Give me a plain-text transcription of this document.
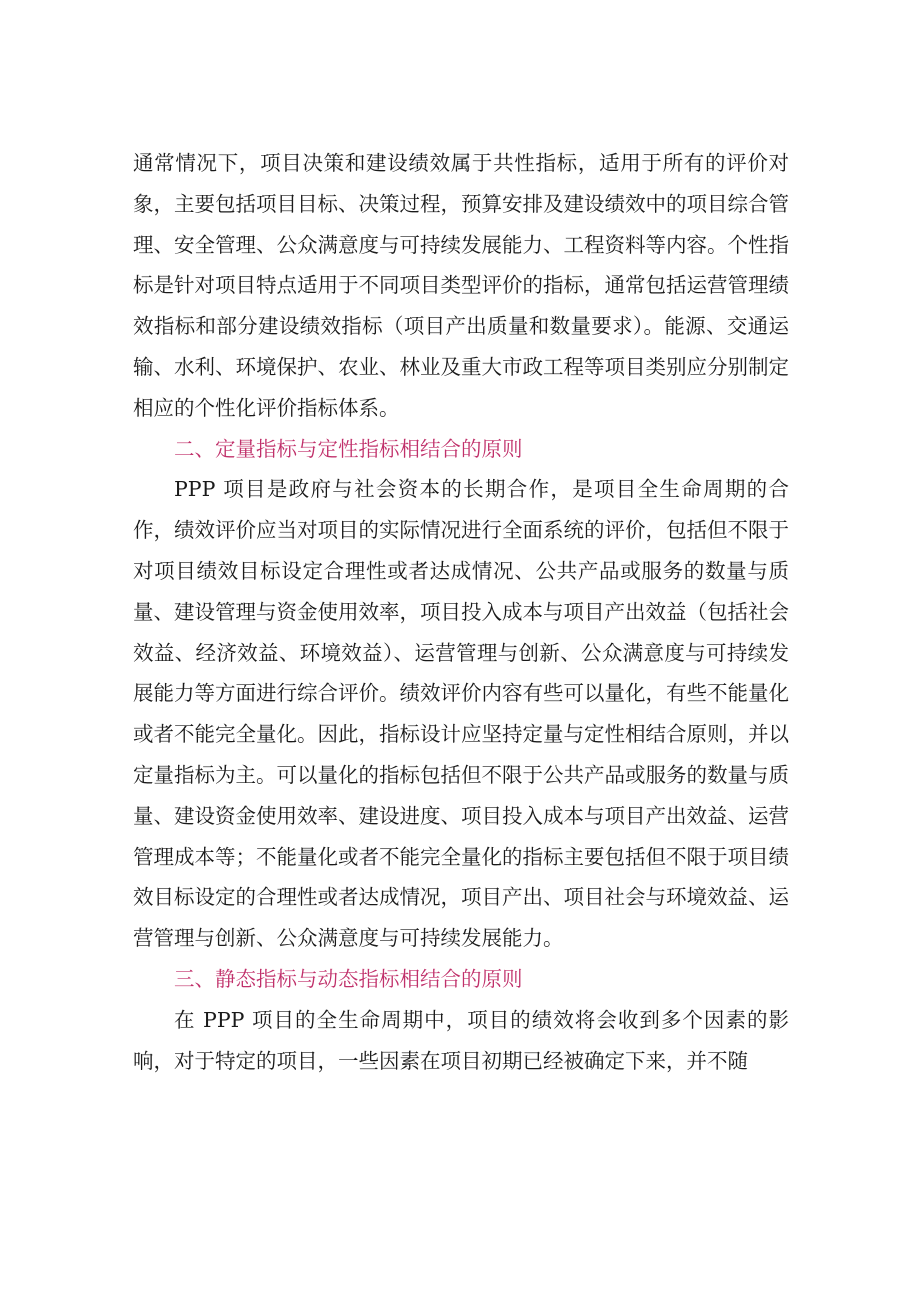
通常情况下，项目决策和建设绩效属于共性指标，适用于所有的评价对象，主要包括项目目标、决策过程，预算安排及建设绩效中的项目综合管理、安全管理、公众满意度与可持续发展能力、工程资料等内容。个性指标是针对项目特点适用于不同项目类型评价的指标，通常包括运营管理绩效指标和部分建设绩效指标（项目产出质量和数量要求）。能源、交通运输、水利、环境保护、农业、林业及重大市政工程等项目类别应分别制定相应的个性化评价指标体系。

二、定量指标与定性指标相结合的原则

PPP 项目是政府与社会资本的长期合作，是项目全生命周期的合作，绩效评价应当对项目的实际情况进行全面系统的评价，包括但不限于对项目绩效目标设定合理性或者达成情况、公共产品或服务的数量与质量、建设管理与资金使用效率，项目投入成本与项目产出效益（包括社会效益、经济效益、环境效益）、运营管理与创新、公众满意度与可持续发展能力等方面进行综合评价。绩效评价内容有些可以量化，有些不能量化或者不能完全量化。因此，指标设计应坚持定量与定性相结合原则，并以定量指标为主。可以量化的指标包括但不限于公共产品或服务的数量与质量、建设资金使用效率、建设进度、项目投入成本与项目产出效益、运营管理成本等；不能量化或者不能完全量化的指标主要包括但不限于项目绩效目标设定的合理性或者达成情况，项目产出、项目社会与环境效益、运营管理与创新、公众满意度与可持续发展能力。

三、静态指标与动态指标相结合的原则

在 PPP 项目的全生命周期中，项目的绩效将会收到多个因素的影响，对于特定的项目，一些因素在项目初期已经被确定下来，并不随
